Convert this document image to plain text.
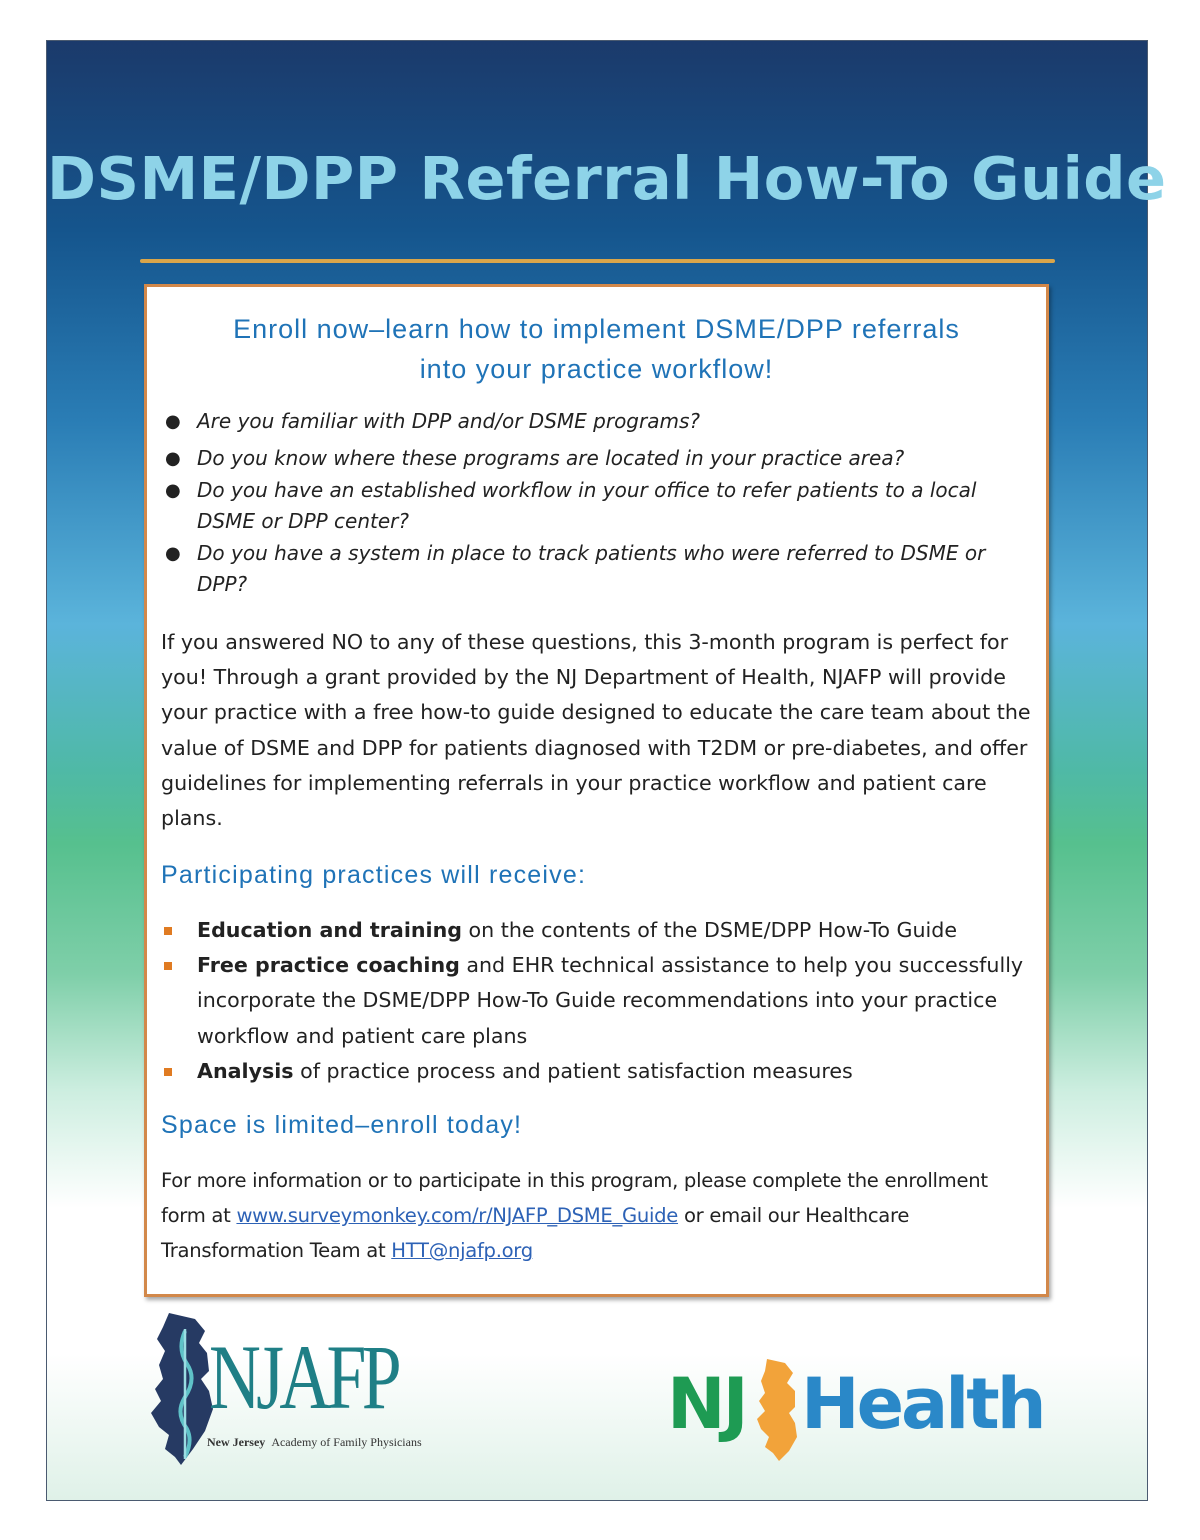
DSME/DPP Referral How-To Guide
Enroll now–learn how to implement DSME/DPP referrals
into your practice workflow!
● Are you familiar with DPP and/or DSME programs?
● Do you know where these programs are located in your practice area?
● Do you have an established workflow in your office to refer patients to a local
DSME or DPP center?
● Do you have a system in place to track patients who were referred to DSME or
DPP?

If you answered NO to any of these questions, this 3-month program is perfect for you! Through a grant provided by the NJ Department of Health, NJAFP will provide your practice with a free how-to guide designed to educate the care team about the value of DSME and DPP for patients diagnosed with T2DM or pre-diabetes, and offer guidelines for implementing referrals in your practice workflow and patient care plans.

Participating practices will receive:
Education and training on the contents of the DSME/DPP How-To Guide
Free practice coaching and EHR technical assistance to help you successfully incorporate the DSME/DPP How-To Guide recommendations into your practice workflow and patient care plans
Analysis of practice process and patient satisfaction measures
Space is limited–enroll today!

For more information or to participate in this program, please complete the enrollment form at www.surveymonkey.com/r/NJAFP_DSME_Guide or email our Healthcare Transformation Team at HTT@njafp.org

NJAFP
New Jersey Academy of Family Physicians	NJ Health
